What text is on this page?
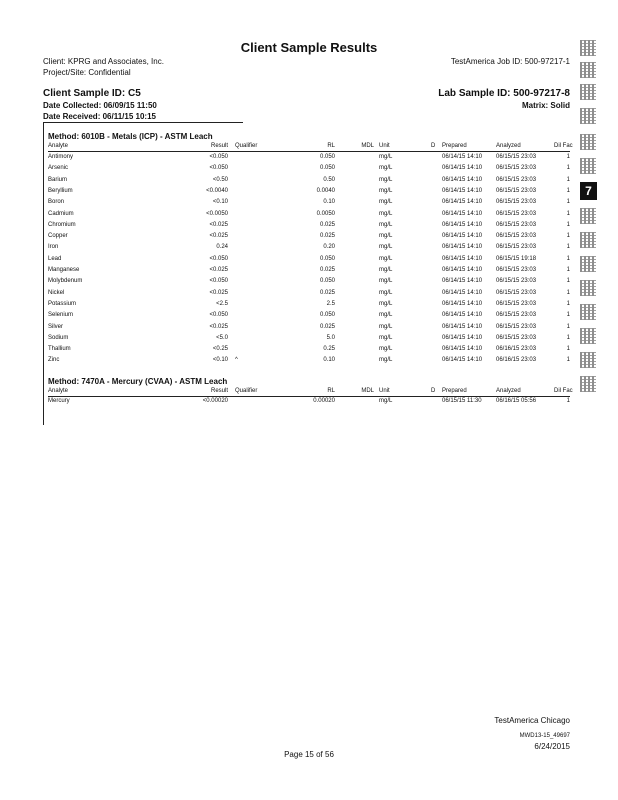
Client Sample Results
Client: KPRG and Associates, Inc.	TestAmerica Job ID: 500-97217-1
Project/Site: Confidential
Client Sample ID: C5	Lab Sample ID: 500-97217-8
Date Collected: 06/09/15 11:50	Matrix: Solid
Date Received: 06/11/15 10:15
Method: 6010B - Metals (ICP) - ASTM Leach
Analyte	Result Qualifier	RL	MDL Unit	D Prepared	Analyzed	Dil Fac
Antimony	<0.050	0.050	mg/L	06/14/15 14:10 06/15/15 23:03	1
Arsenic	<0.050	0.050	mg/L	06/14/15 14:10 06/15/15 23:03	1
Barium	<0.50	0.50	mg/L	06/14/15 14:10 06/15/15 23:03	1
Beryllium	<0.0040	0.0040	mg/L	06/14/15 14:10 06/15/15 23:03	1
Boron	<0.10	0.10	mg/L	06/14/15 14:10 06/15/15 23:03	1
Cadmium	<0.0050	0.0050	mg/L	06/14/15 14:10 06/15/15 23:03	1
Chromium	<0.025	0.025	mg/L	06/14/15 14:10 06/15/15 23:03	1
Copper	<0.025	0.025	mg/L	06/14/15 14:10 06/15/15 23:03	1
Iron	0.24	0.20	mg/L	06/14/15 14:10 06/15/15 23:03	1
Lead	<0.050	0.050	mg/L	06/14/15 14:10 06/15/15 19:18	1
Manganese	<0.025	0.025	mg/L	06/14/15 14:10 06/15/15 23:03	1
Molybdenum	<0.050	0.050	mg/L	06/14/15 14:10 06/15/15 23:03	1
Nickel	<0.025	0.025	mg/L	06/14/15 14:10 06/15/15 23:03	1
Potassium	<2.5	2.5	mg/L	06/14/15 14:10 06/15/15 23:03	1
Selenium	<0.050	0.050	mg/L	06/14/15 14:10 06/15/15 23:03	1
Silver	<0.025	0.025	mg/L	06/14/15 14:10 06/15/15 23:03	1
Sodium	<5.0	5.0	mg/L	06/14/15 14:10 06/15/15 23:03	1
Thallium	<0.25	0.25	mg/L	06/14/15 14:10 06/16/15 23:03	1
Zinc	<0.10 ^	0.10	mg/L	06/14/15 14:10 06/16/15 23:03	1
Method: 7470A - Mercury (CVAA) - ASTM Leach
Analyte	Result Qualifier	RL	MDL Unit	D Prepared	Analyzed	Dil Fac
Mercury	<0.00020	0.00020	mg/L	06/15/15 11:30 06/16/15 05:56	1
7
TestAmerica Chicago
MWD13-15_49697
Page 15 of 56
6/24/2015
